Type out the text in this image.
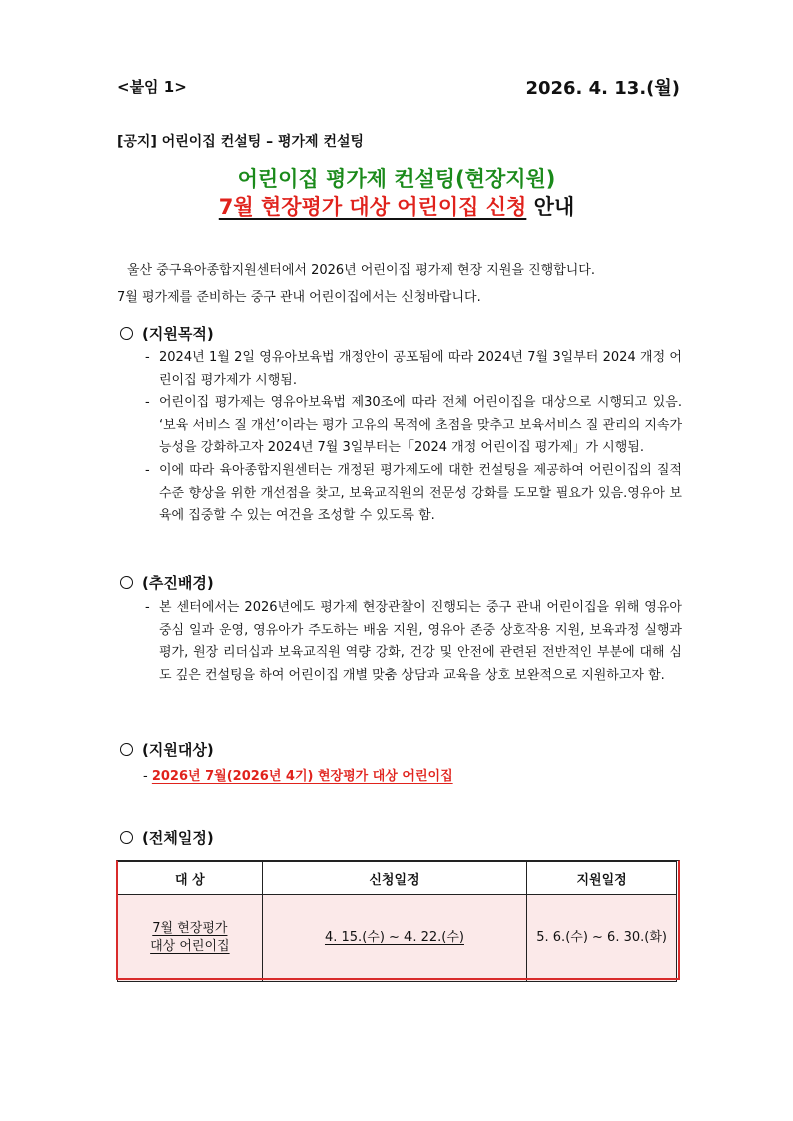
<붙임 1>	2026. 4. 13.(월)
[공지] 어린이집 컨설팅 – 평가제 컨설팅
어린이집 평가제 컨설팅(현장지원)
7월 현장평가 대상 어린이집 신청 안내

울산 중구육아종합지원센터에서 2026년 어린이집 평가제 현장 지원을 진행합니다.

7월 평가제를 준비하는 중구 관내 어린이집에서는 신청바랍니다.

(지원목적)
- 2024년 1월 2일 영유아보육법 개정안이 공포됨에 따라 2024년 7월 3일부터 2024 개정 어린이집 평가제가 시행됨.
- 어린이집 평가제는 영유아보육법 제30조에 따라 전체 어린이집을 대상으로 시행되고 있음. ‘보육 서비스 질 개선’이라는 평가 고유의 목적에 초점을 맞추고 보육서비스 질 관리의 지속가능성을 강화하고자 2024년 7월 3일부터는「2024 개정 어린이집 평가제」가 시행됨.
- 이에 따라 육아종합지원센터는 개정된 평가제도에 대한 컨설팅을 제공하여 어린이집의 질적 수준 향상을 위한 개선점을 찾고, 보육교직원의 전문성 강화를 도모할 필요가 있음.영유아 보육에 집중할 수 있는 여건을 조성할 수 있도록 함.
(추진배경)
- 본 센터에서는 2026년에도 평가제 현장관찰이 진행되는 중구 관내 어린이집을 위해 영유아 중심 일과 운영, 영유아가 주도하는 배움 지원, 영유아 존중 상호작용 지원, 보육과정 실행과 평가, 원장 리더십과 보육교직원 역량 강화, 건강 및 안전에 관련된 전반적인 부분에 대해 심도 깊은 컨설팅을 하여 어린이집 개별 맞춤 상담과 교육을 상호 보완적으로 지원하고자 함.
(지원대상)
- 2026년 7월(2026년 4기) 현장평가 대상 어린이집
(전체일정)
대 상	신청일정	지원일정
7월 현장평가
대상 어린이집	4. 15.(수) ~ 4. 22.(수)	5. 6.(수) ~ 6. 30.(화)
